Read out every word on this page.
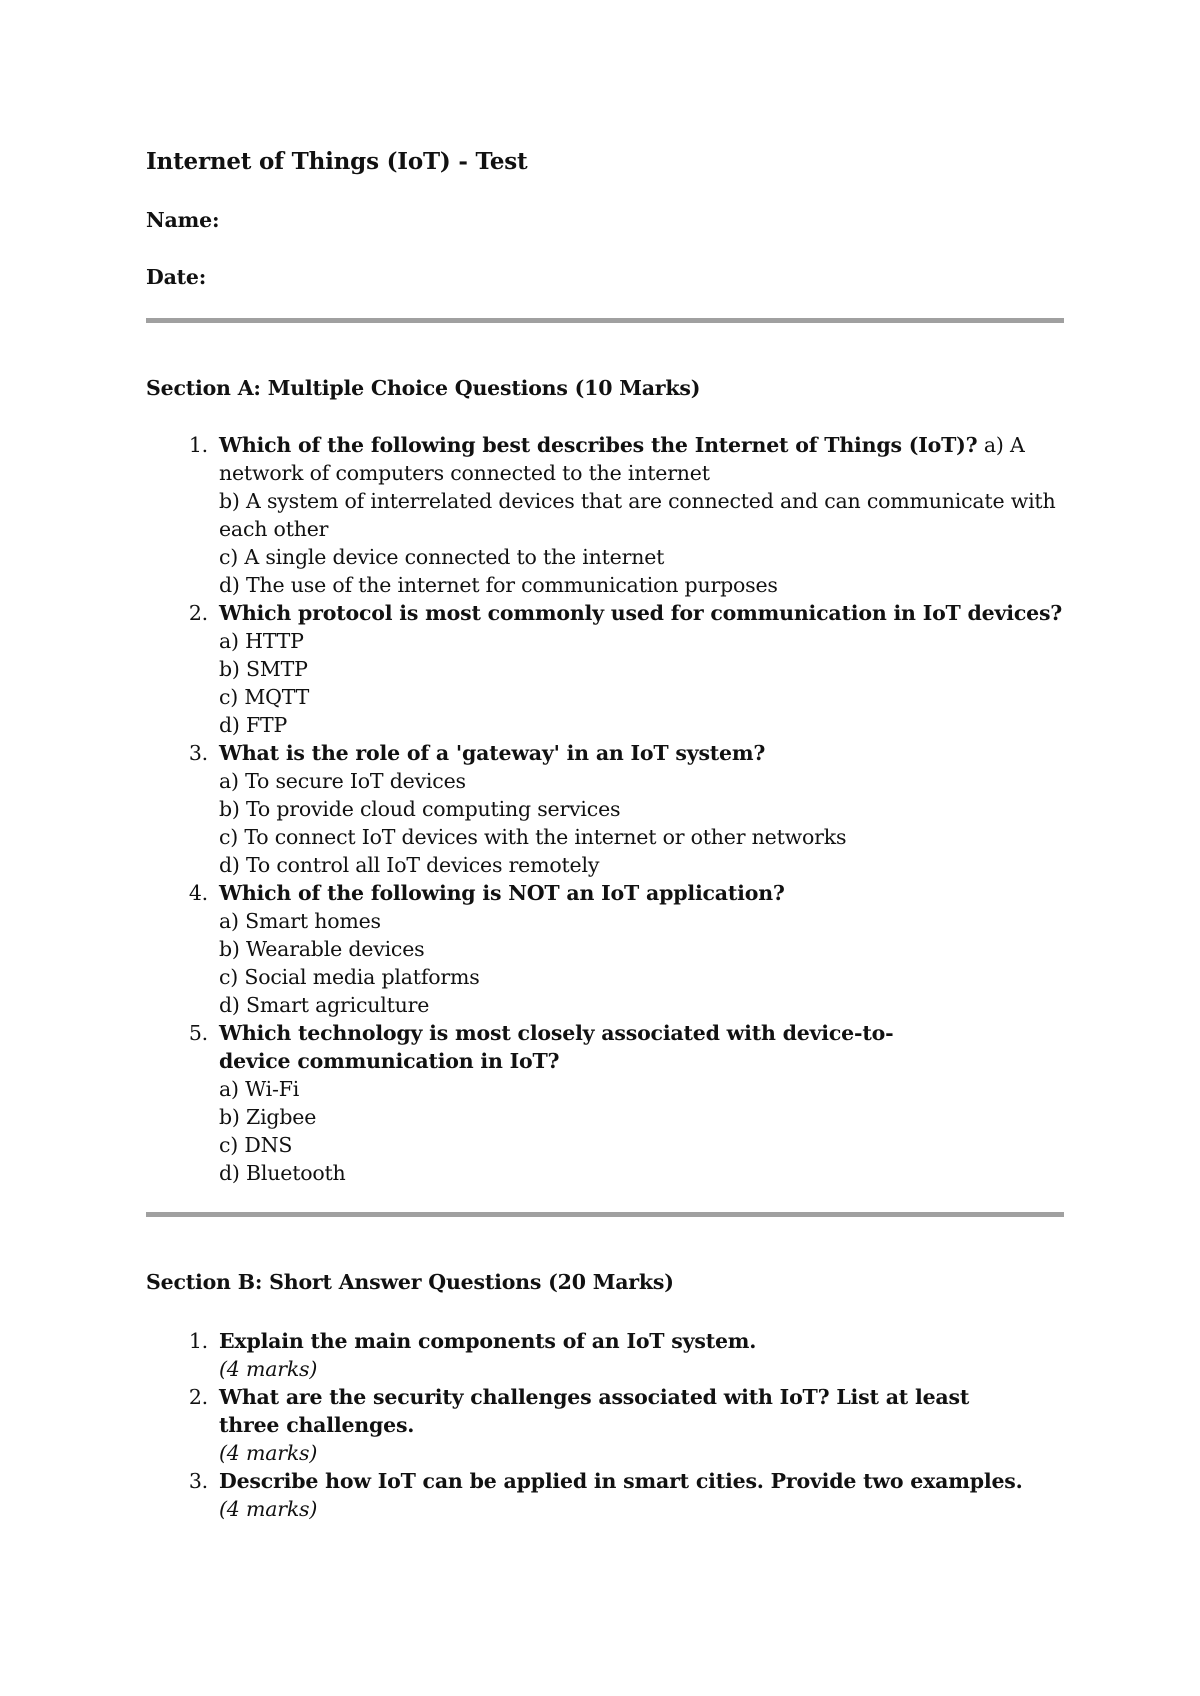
Internet of Things (IoT) - Test
Name:
Date:
Section A: Multiple Choice Questions (10 Marks)
1. Which of the following best describes the Internet of Things (IoT)? a) A network of computers connected to the internet
b) A system of interrelated devices that are connected and can communicate with each other
c) A single device connected to the internet
d) The use of the internet for communication purposes
2. Which protocol is most commonly used for communication in IoT devices?
a) HTTP
b) SMTP
c) MQTT
d) FTP
3. What is the role of a 'gateway' in an IoT system?
a) To secure IoT devices
b) To provide cloud computing services
c) To connect IoT devices with the internet or other networks
d) To control all IoT devices remotely
4. Which of the following is NOT an IoT application?
a) Smart homes
b) Wearable devices
c) Social media platforms
d) Smart agriculture
5. Which technology is most closely associated with device-to-device communication in IoT?
a) Wi-Fi
b) Zigbee
c) DNS
d) Bluetooth
Section B: Short Answer Questions (20 Marks)
1. Explain the main components of an IoT system.
(4 marks)
2. What are the security challenges associated with IoT? List at least three challenges.
(4 marks)
3. Describe how IoT can be applied in smart cities. Provide two examples.
(4 marks)
